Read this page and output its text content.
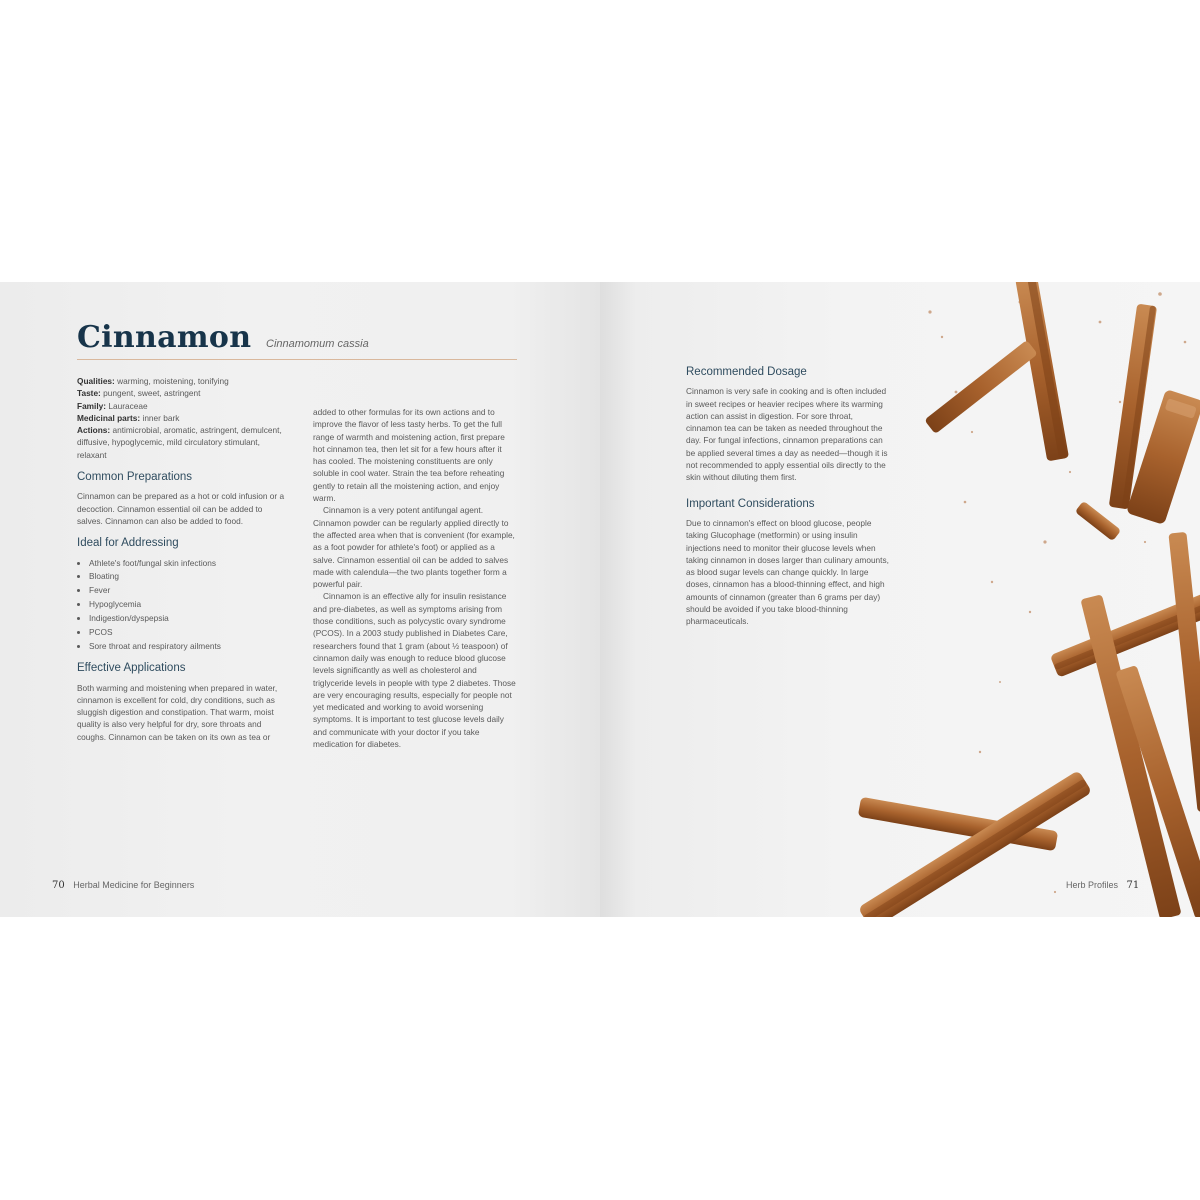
Cinnamon Cinnamomum cassia

Qualities: warming, moistening, tonifying

Taste: pungent, sweet, astringent

Family: Lauraceae

Medicinal parts: inner bark

Actions: antimicrobial, aromatic, astringent, demulcent, diffusive, hypoglycemic, mild circulatory stimulant, relaxant

Common Preparations

Cinnamon can be prepared as a hot or cold infusion or a decoction. Cinnamon essential oil can be added to salves. Cinnamon can also be added to food.

Ideal for Addressing
• Athlete's foot/fungal skin infections
• Bloating
• Fever
• Hypoglycemia
• Indigestion/dyspepsia
• PCOS
• Sore throat and respiratory ailments
Effective Applications

Both warming and moistening when prepared in water, cinnamon is excellent for cold, dry conditions, such as sluggish digestion and constipation. That warm, moist quality is also very helpful for dry, sore throats and coughs. Cinnamon can be taken on its own as tea or

added to other formulas for its own actions and to improve the flavor of less tasty herbs. To get the full range of warmth and moistening action, first prepare hot cinnamon tea, then let sit for a few hours after it has cooled. The moistening constituents are only soluble in cool water. Strain the tea before reheating gently to retain all the moistening action, and enjoy warm.

Cinnamon is a very potent antifungal agent. Cinnamon powder can be regularly applied directly to the affected area when that is convenient (for example, as a foot powder for athlete's foot) or applied as a salve. Cinnamon essential oil can be added to salves made with calendula—the two plants together form a powerful pair.

Cinnamon is an effective ally for insulin resistance and pre-diabetes, as well as symptoms arising from those conditions, such as polycystic ovary syndrome (PCOS). In a 2003 study published in Diabetes Care, researchers found that 1 gram (about ½ teaspoon) of cinnamon daily was enough to reduce blood glucose levels significantly as well as cholesterol and triglyceride levels in people with type 2 diabetes. Those are very encouraging results, especially for people not yet medicated and working to avoid worsening symptoms. It is important to test glucose levels daily and communicate with your doctor if you take medication for diabetes.

70 Herbal Medicine for Beginners
Recommended Dosage

Cinnamon is very safe in cooking and is often included in sweet recipes or heavier recipes where its warming action can assist in digestion. For sore throat, cinnamon tea can be taken as needed throughout the day. For fungal infections, cinnamon preparations can be applied several times a day as needed—though it is not recommended to apply essential oils directly to the skin without diluting them first.

Important Considerations

Due to cinnamon's effect on blood glucose, people taking Glucophage (metformin) or using insulin injections need to monitor their glucose levels when taking cinnamon in doses larger than culinary amounts, as blood sugar levels can change quickly. In large doses, cinnamon has a blood-thinning effect, and high amounts of cinnamon (greater than 6 grams per day) should be avoided if you take blood-thinning pharmaceuticals.

Herb Profiles 71
